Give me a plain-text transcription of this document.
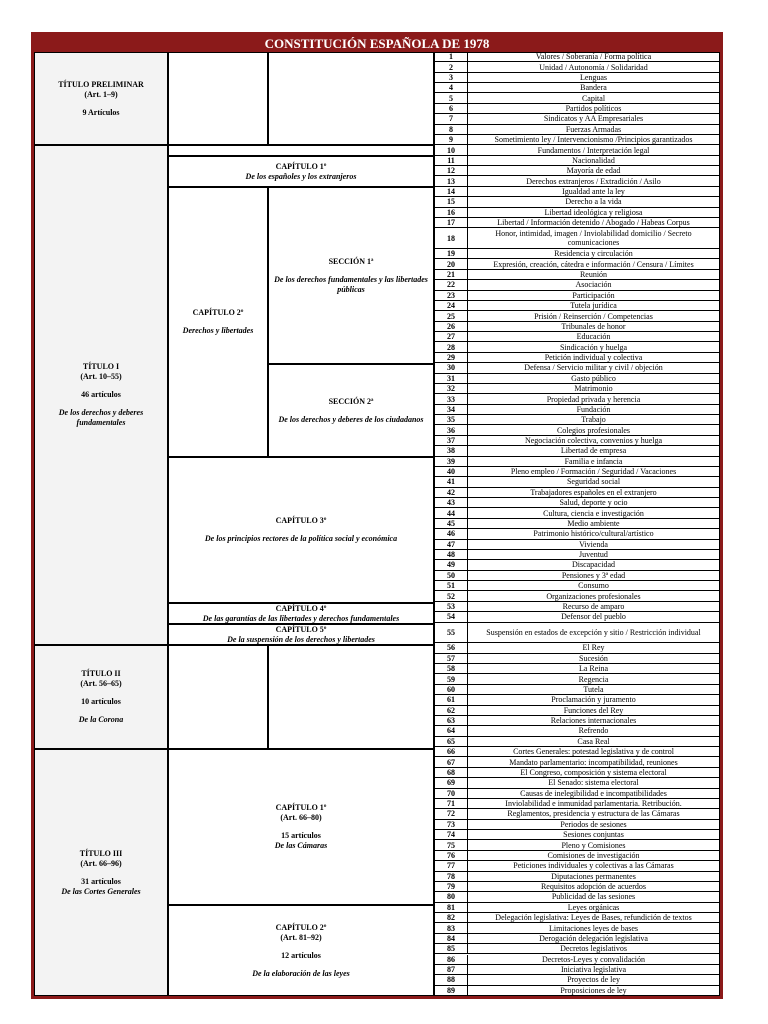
CONSTITUCIÓN ESPAÑOLA DE 1978
TÍTULO PRELIMINAR
(Art. 1–9)
9 Artículos
TÍTULO I
(Art. 10–55)
46 artículos
De los derechos y deberes fundamentales
TÍTULO II
(Art. 56–65)
10 artículos
De la Corona
TÍTULO III
(Art. 66–96)
31 artículos
De las Cortes Generales
CAPÍTULO 1º
De los españoles y los extranjeros
CAPÍTULO 2º
Derechos y libertades
SECCIÓN 1ª
De los derechos fundamentales y las libertades públicas
SECCIÓN 2ª
De los derechos y deberes de los ciudadanos
CAPÍTULO 3º
De los principios rectores de la política social y económica
CAPÍTULO 4º
De las garantías de las libertades y derechos fundamentales
CAPÍTULO 5º
De la suspensión de los derechos y libertades
CAPÍTULO 1º
(Art. 66–80)
15 artículos
De las Cámaras
CAPÍTULO 2º
(Art. 81–92)
12 artículos
De la elaboración de las leyes
1	Valores / Soberanía / Forma política
2	Unidad / Autonomía / Solidaridad
3	Lenguas
4	Bandera
5	Capital
6	Partidos políticos
7	Sindicatos y AA Empresariales
8	Fuerzas Armadas
9	Sometimiento ley / Intervencionismo /Principios garantizados
10	Fundamentos / Interpretación legal
11	Nacionalidad
12	Mayoría de edad
13	Derechos extranjeros / Extradición / Asilo
14	Igualdad ante la ley
15	Derecho a la vida
16	Libertad ideológica y religiosa
17	Libertad / Información detenido / Abogado / Habeas Corpus
18	Honor, intimidad, imagen / Inviolabilidad domicilio / Secreto comunicaciones
19	Residencia y circulación
20	Expresión, creación, cátedra e información / Censura / Límites
21	Reunión
22	Asociación
23	Participación
24	Tutela jurídica
25	Prisión / Reinserción / Competencias
26	Tribunales de honor
27	Educación
28	Sindicación y huelga
29	Petición individual y colectiva
30	Defensa / Servicio militar y civil / objeción
31	Gasto público
32	Matrimonio
33	Propiedad privada y herencia
34	Fundación
35	Trabajo
36	Colegios profesionales
37	Negociación colectiva, convenios y huelga
38	Libertad de empresa
39	Familia e infancia
40	Pleno empleo / Formación / Seguridad / Vacaciones
41	Seguridad social
42	Trabajadores españoles en el extranjero
43	Salud, deporte y ocio
44	Cultura, ciencia e investigación
45	Medio ambiente
46	Patrimonio histórico/cultural/artístico
47	Vivienda
48	Juventud
49	Discapacidad
50	Pensiones y 3ª edad
51	Consumo
52	Organizaciones profesionales
53	Recurso de amparo
54	Defensor del pueblo
55	Suspensión en estados de excepción y sitio / Restricción individual
56	El Rey
57	Sucesión
58	La Reina
59	Regencia
60	Tutela
61	Proclamación y juramento
62	Funciones del Rey
63	Relaciones internacionales
64	Refrendo
65	Casa Real
66	Cortes Generales: potestad legislativa y de control
67	Mandato parlamentario: incompatibilidad, reuniones
68	El Congreso, composición y sistema electoral
69	El Senado: sistema electoral
70	Causas de inelegibilidad e incompatibilidades
71	Inviolabilidad e inmunidad parlamentaria. Retribución.
72	Reglamentos, presidencia y estructura de las Cámaras
73	Periodos de sesiones
74	Sesiones conjuntas
75	Pleno y Comisiones
76	Comisiones de investigación
77	Peticiones individuales y colectivas a las Cámaras
78	Diputaciones permanentes
79	Requisitos adopción de acuerdos
80	Publicidad de las sesiones
81	Leyes orgánicas
82	Delegación legislativa: Leyes de Bases, refundición de textos
83	Limitaciones leyes de bases
84	Derogación delegación legislativa
85	Decretos legislativos
86	Decretos-Leyes y convalidación
87	Iniciativa legislativa
88	Proyectos de ley
89	Proposiciones de ley
